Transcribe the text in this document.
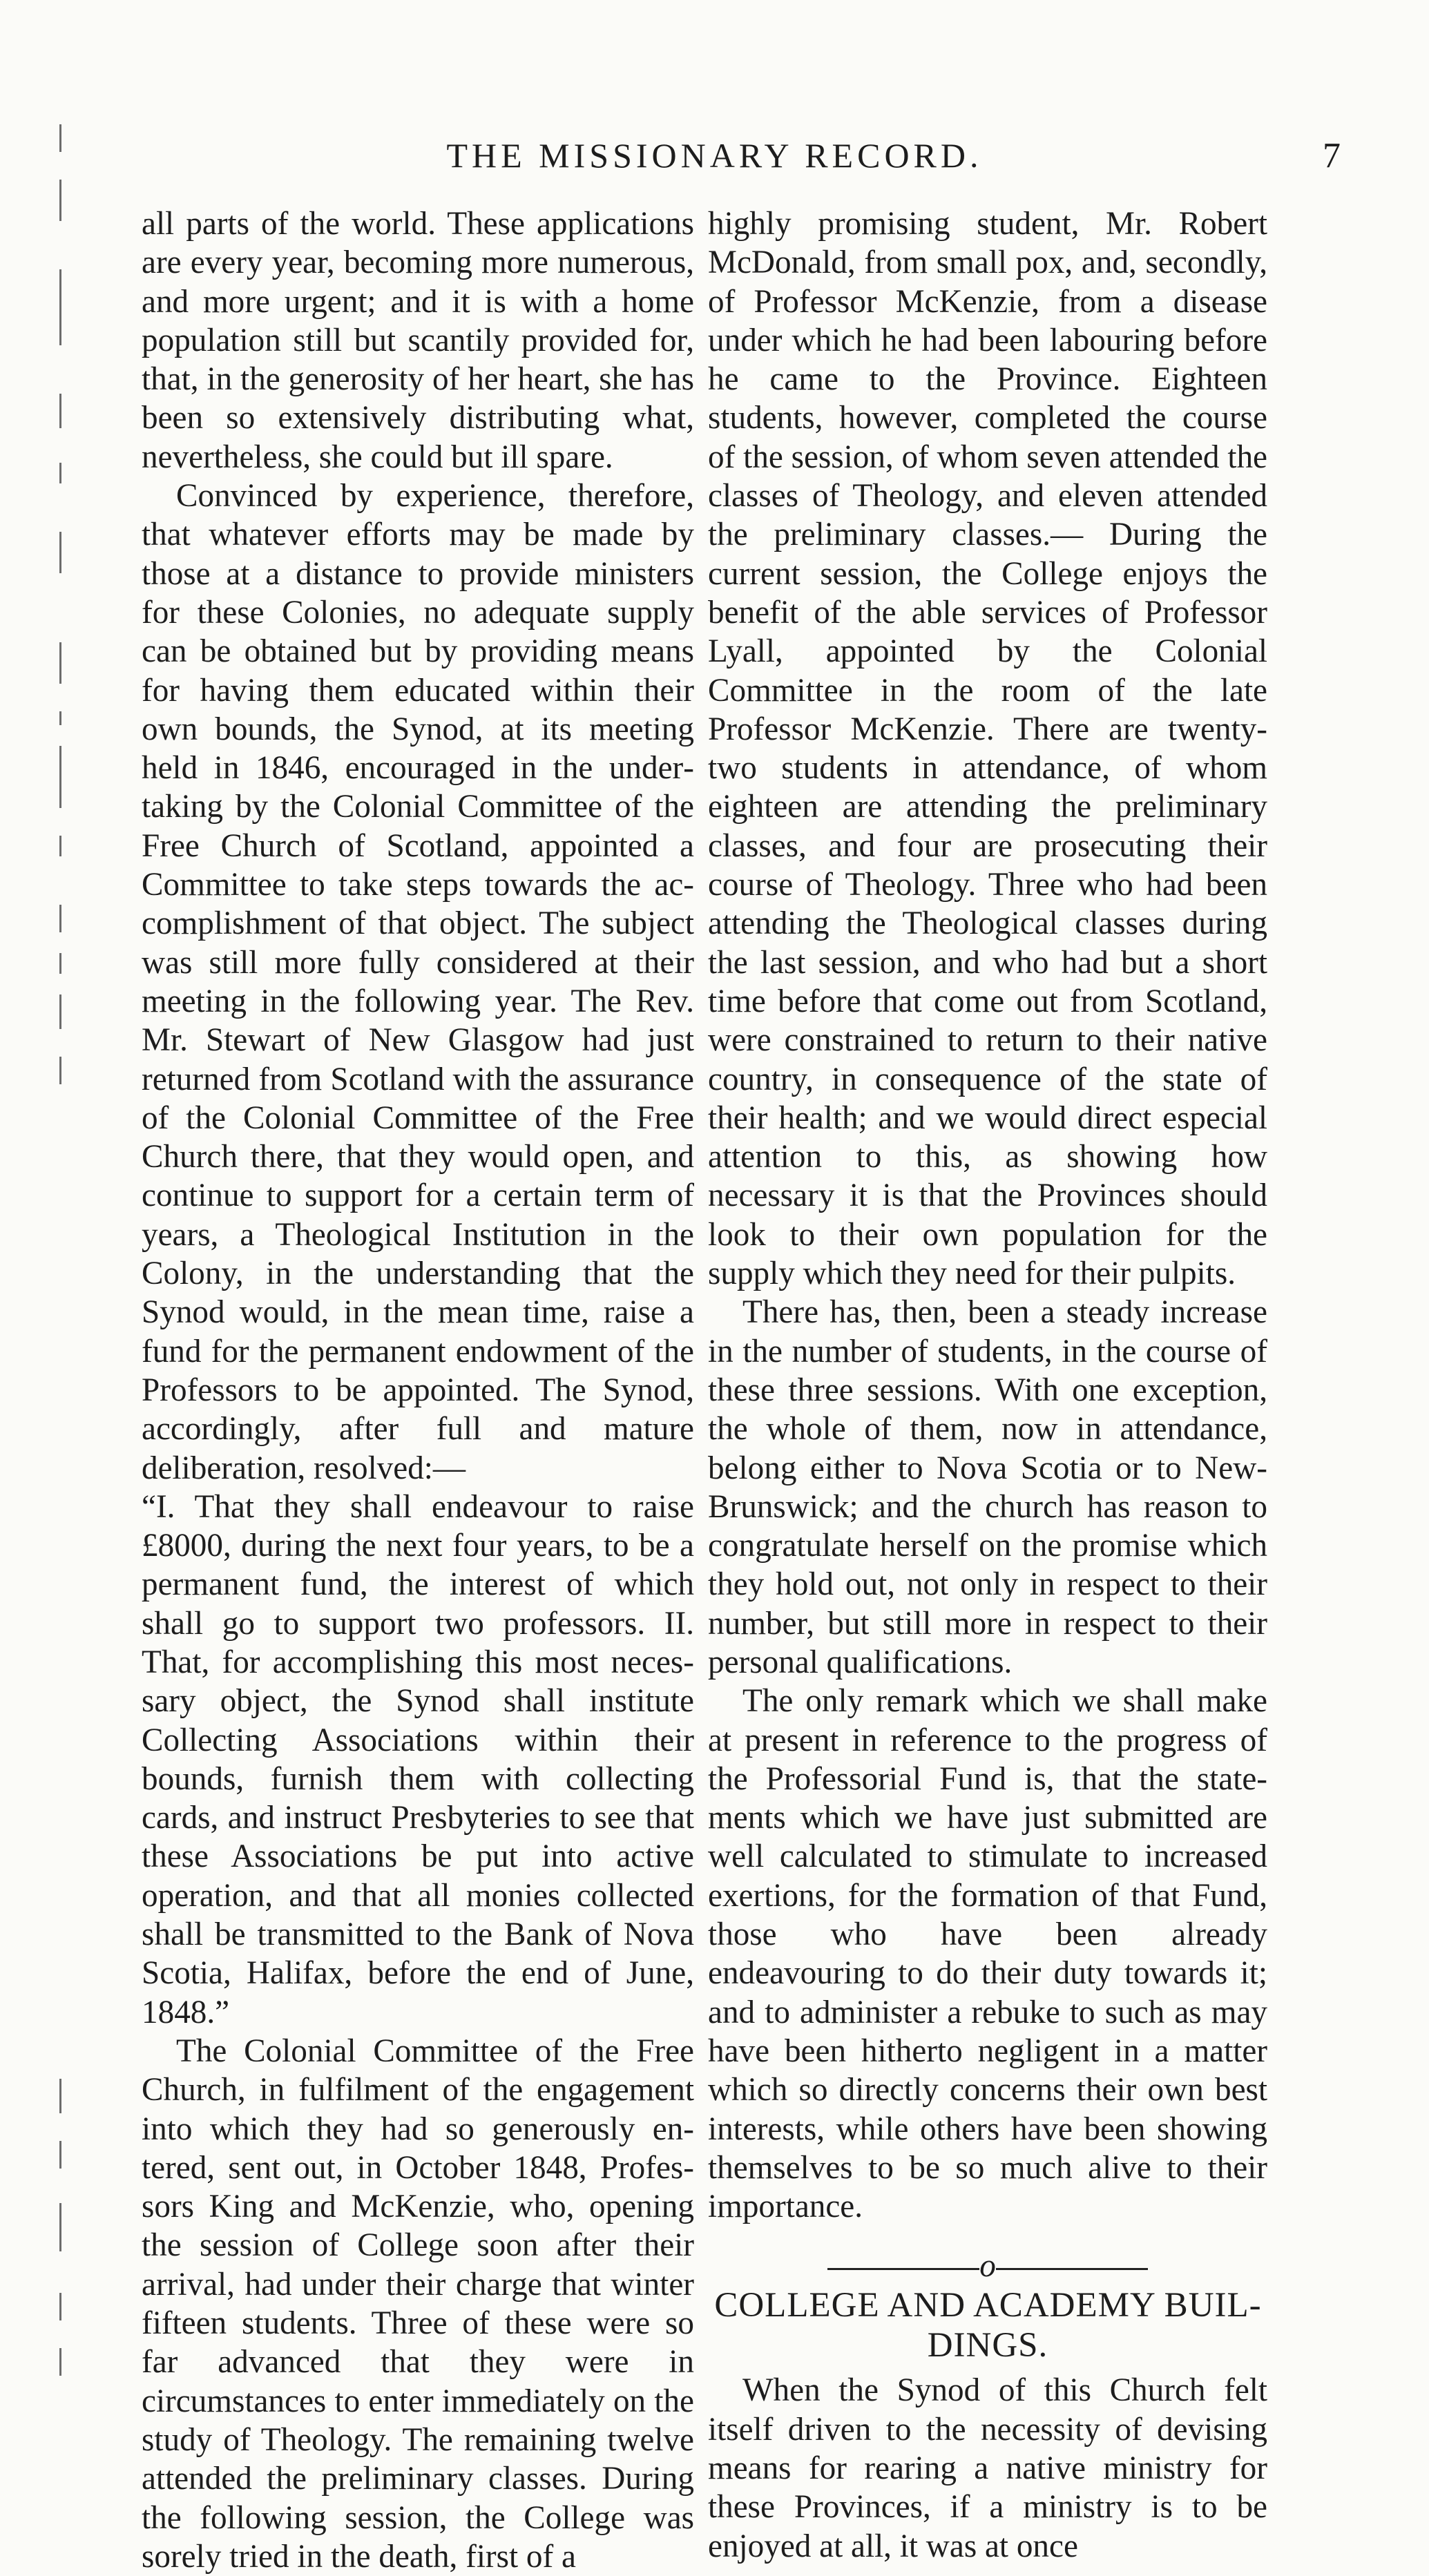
THE MISSIONARY RECORD.	7

all parts of the world. These applications are every year, becoming more numerous, and more urgent; and it is with a home population still but scantily provided for, that, in the generosity of her heart, she has been so extensively distributing what, nevertheless, she could but ill spare.

Convinced by experience, therefore, that whatever efforts may be made by those at a distance to provide ministers for these Colonies, no adequate supply can be obtained but by providing means for having them educated within their own bounds, the Synod, at its meeting held in 1846, encouraged in the undertaking by the Colonial Committee of the Free Church of Scotland, appointed a Committee to take steps towards the accomplishment of that object. The subject was still more fully considered at their meeting in the following year. The Rev. Mr. Stewart of New Glasgow had just returned from Scotland with the assurance of the Colonial Committee of the Free Church there, that they would open, and continue to support for a certain term of years, a Theological Institution in the Colony, in the understanding that the Synod would, in the mean time, raise a fund for the permanent endowment of the Professors to be appointed. The Synod, accordingly, after full and mature deliberation, resolved:—

“I. That they shall endeavour to raise £8000, during the next four years, to be a permanent fund, the interest of which shall go to support two professors. II. That, for accomplishing this most necessary object, the Synod shall institute Collecting Associations within their bounds, furnish them with collecting cards, and instruct Presbyteries to see that these Associations be put into active operation, and that all monies collected shall be transmitted to the Bank of Nova Scotia, Halifax, before the end of June, 1848.”

The Colonial Committee of the Free Church, in fulfilment of the engagement into which they had so generously entered, sent out, in October 1848, Professors King and McKenzie, who, opening the session of College soon after their arrival, had under their charge that winter fifteen students. Three of these were so far advanced that they were in circumstances to enter immediately on the study of Theology. The remaining twelve attended the preliminary classes. During the following session, the College was sorely tried in the death, first of a

highly promising student, Mr. Robert McDonald, from small pox, and, secondly, of Professor McKenzie, from a disease under which he had been labouring before he came to the Province. Eighteen students, however, completed the course of the session, of whom seven attended the classes of Theology, and eleven attended the preliminary classes.— During the current session, the College enjoys the benefit of the able services of Professor Lyall, appointed by the Colonial Committee in the room of the late Professor McKenzie. There are twenty-two students in attendance, of whom eighteen are attending the preliminary classes, and four are prosecuting their course of Theology. Three who had been attending the Theological classes during the last session, and who had but a short time before that come out from Scotland, were constrained to return to their native country, in consequence of the state of their health; and we would direct especial attention to this, as showing how necessary it is that the Provinces should look to their own population for the supply which they need for their pulpits.

There has, then, been a steady increase in the number of students, in the course of these three sessions. With one exception, the whole of them, now in attendance, belong either to Nova Scotia or to New-Brunswick; and the church has reason to congratulate herself on the promise which they hold out, not only in respect to their number, but still more in respect to their personal qualifications.

The only remark which we shall make at present in reference to the progress of the Professorial Fund is, that the statements which we have just submitted are well calculated to stimulate to increased exertions, for the formation of that Fund, those who have been already endeavouring to do their duty towards it; and to administer a rebuke to such as may have been hitherto negligent in a matter which so directly concerns their own best interests, while others have been showing themselves to be so much alive to their importance.

o
COLLEGE AND ACADEMY BUILDINGS.

When the Synod of this Church felt itself driven to the necessity of devising means for rearing a native ministry for these Provinces, if a ministry is to be enjoyed at all, it was at once
